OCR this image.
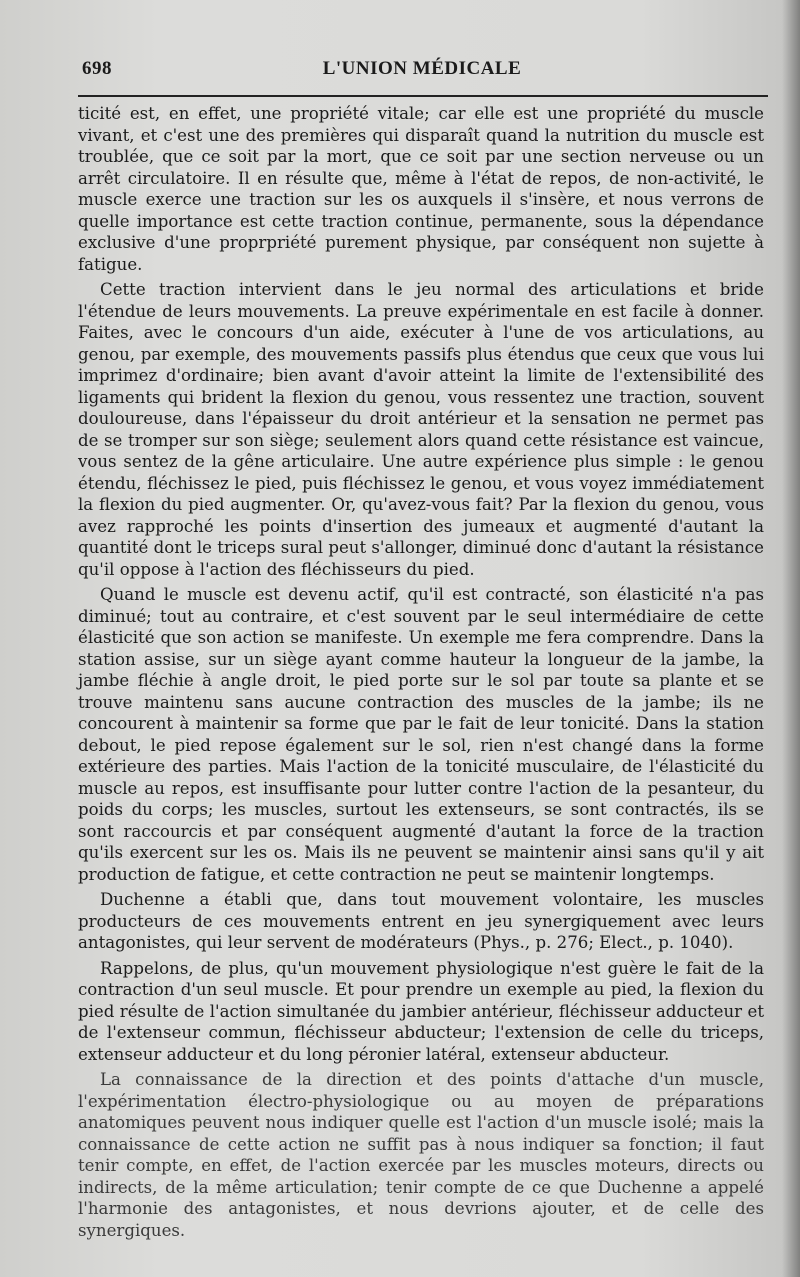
698	L'UNION MÉDICALE

ticité est, en effet, une propriété vitale; car elle est une propriété du muscle vivant, et c'est une des premières qui disparaît quand la nutrition du muscle est troublée, que ce soit par la mort, que ce soit par une section nerveuse ou un arrêt circulatoire. Il en résulte que, même à l'état de repos, de non-activité, le muscle exerce une traction sur les os auxquels il s'insère, et nous verrons de quelle importance est cette traction continue, permanente, sous la dépendance exclusive d'une proprpriété purement physique, par conséquent non sujette à fatigue.

Cette traction intervient dans le jeu normal des articulations et bride l'étendue de leurs mouvements. La preuve expérimentale en est facile à donner. Faites, avec le concours d'un aide, exécuter à l'une de vos articulations, au genou, par exemple, des mouvements passifs plus étendus que ceux que vous lui imprimez d'ordinaire; bien avant d'avoir atteint la limite de l'extensibilité des ligaments qui brident la flexion du genou, vous ressentez une traction, souvent douloureuse, dans l'épaisseur du droit antérieur et la sensation ne permet pas de se tromper sur son siège; seulement alors quand cette résistance est vaincue, vous sentez de la gêne articulaire. Une autre expérience plus simple : le genou étendu, fléchissez le pied, puis fléchissez le genou, et vous voyez immédiatement la flexion du pied augmenter. Or, qu'avez-vous fait? Par la flexion du genou, vous avez rapproché les points d'insertion des jumeaux et augmenté d'autant la quantité dont le triceps sural peut s'allonger, diminué donc d'autant la résistance qu'il oppose à l'action des fléchisseurs du pied.

Quand le muscle est devenu actif, qu'il est contracté, son élasticité n'a pas diminué; tout au contraire, et c'est souvent par le seul intermédiaire de cette élasticité que son action se manifeste. Un exemple me fera comprendre. Dans la station assise, sur un siège ayant comme hauteur la longueur de la jambe, la jambe fléchie à angle droit, le pied porte sur le sol par toute sa plante et se trouve maintenu sans aucune contraction des muscles de la jambe; ils ne concourent à maintenir sa forme que par le fait de leur tonicité. Dans la station debout, le pied repose également sur le sol, rien n'est changé dans la forme extérieure des parties. Mais l'action de la tonicité musculaire, de l'élasticité du muscle au repos, est insuffisante pour lutter contre l'action de la pesanteur, du poids du corps; les muscles, surtout les extenseurs, se sont contractés, ils se sont raccourcis et par conséquent augmenté d'autant la force de la traction qu'ils exercent sur les os. Mais ils ne peuvent se maintenir ainsi sans qu'il y ait production de fatigue, et cette contraction ne peut se maintenir longtemps.

Duchenne a établi que, dans tout mouvement volontaire, les muscles producteurs de ces mouvements entrent en jeu synergiquement avec leurs antagonistes, qui leur servent de modérateurs (Phys., p. 276; Elect., p. 1040).

Rappelons, de plus, qu'un mouvement physiologique n'est guère le fait de la contraction d'un seul muscle. Et pour prendre un exemple au pied, la flexion du pied résulte de l'action simultanée du jambier antérieur, fléchisseur adducteur et de l'extenseur commun, fléchisseur abducteur; l'extension de celle du triceps, extenseur adducteur et du long péronier latéral, extenseur abducteur.

La connaissance de la direction et des points d'attache d'un muscle, l'expérimentation électro-physiologique ou au moyen de préparations anatomiques peuvent nous indiquer quelle est l'action d'un muscle isolé; mais la connaissance de cette action ne suffit pas à nous indiquer sa fonction; il faut tenir compte, en effet, de l'action exercée par les muscles moteurs, directs ou indirects, de la même articulation; tenir compte de ce que Duchenne a appelé l'harmonie des antagonistes, et nous devrions ajouter, et de celle des synergiques.
